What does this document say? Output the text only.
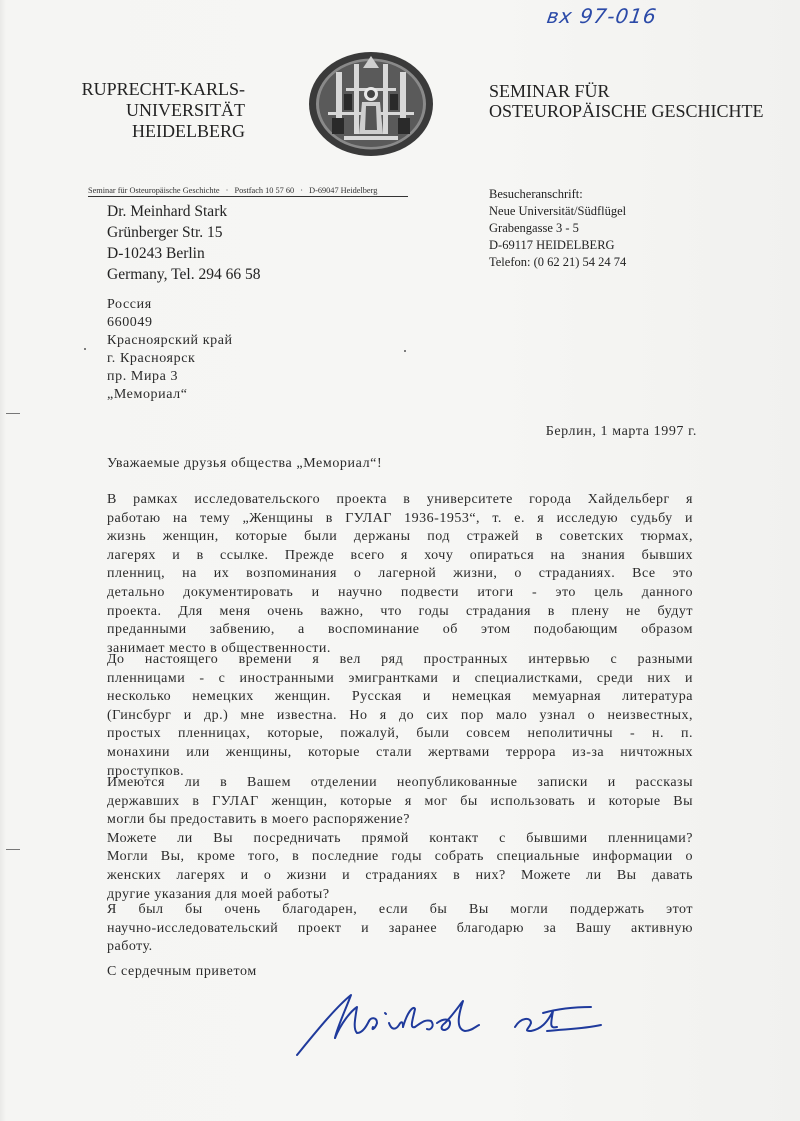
вх 97-016
RUPRECHT-KARLS-
UNIVERSITÄT
HEIDELBERG
SEMINAR FÜR
OSTEUROPÄISCHE GESCHICHTE
Seminar für Osteuropäische Geschichte · Postfach 10 57 60 · D-69047 Heidelberg
Dr. Meinhard Stark
Grünberger Str. 15
D-10243 Berlin
Germany, Tel. 294 66 58
Besucheranschrift:
Neue Universität/Südflügel
Grabengasse 3 - 5
D-69117 HEIDELBERG
Telefon: (0 62 21) 54 24 74
Россия
660049
Красноярский край
г. Красноярск
пр. Мира 3
„Мемориал“
Берлин, 1 марта 1997 г.
Уважаемые друзья общества „Мемориал“!
В рамках исследовательского проекта в университете города Хайдельберг я
работаю на тему „Женщины в ГУЛАГ 1936-1953“, т. е. я исследую судьбу и
жизнь женщин, которые были держаны под стражей в советских тюрмах,
лагерях и в ссылке. Прежде всего я хочу опираться на знания бывших
пленниц, на их возпоминания о лагерной жизни, о страданиях. Все это
детально документировать и научно подвести итоги - это цель данного
проекта. Для меня очень важно, что годы страдания в плену не будут
преданными забвению, а воспоминание об этом подобающим образом
занимает место в общественности.
До настоящего времени я вел ряд пространных интервью с разными
пленницами - с иностранными эмигрантками и специалистками, среди них и
несколько немецких женщин. Русская и немецкая мемуарная литература
(Гинсбург и др.) мне известна. Но я до сих пор мало узнал о неизвестных,
простых пленницах, которые, пожалуй, были совсем неполитичны - н. п.
монахини или женщины, которые стали жертвами террора из-за ничтожных
проступков.
Имеются ли в Вашем отделении неопубликованные записки и рассказы
державших в ГУЛАГ женщин, которые я мог бы использовать и которые Вы
могли бы предоставить в моего распоряжение?
Можете ли Вы посредничать прямой контакт с бывшими пленницами?
Могли Вы, кроме того, в последние годы собрать специальные информации о
женских лагерях и о жизни и страданиях в них? Можете ли Вы давать
другие указания для моей работы?
Я был бы очень благодарен, если бы Вы могли поддержать этот
научно-исследовательский проект и заранее благодарю за Вашу активную
работу.
С сердечным приветом
